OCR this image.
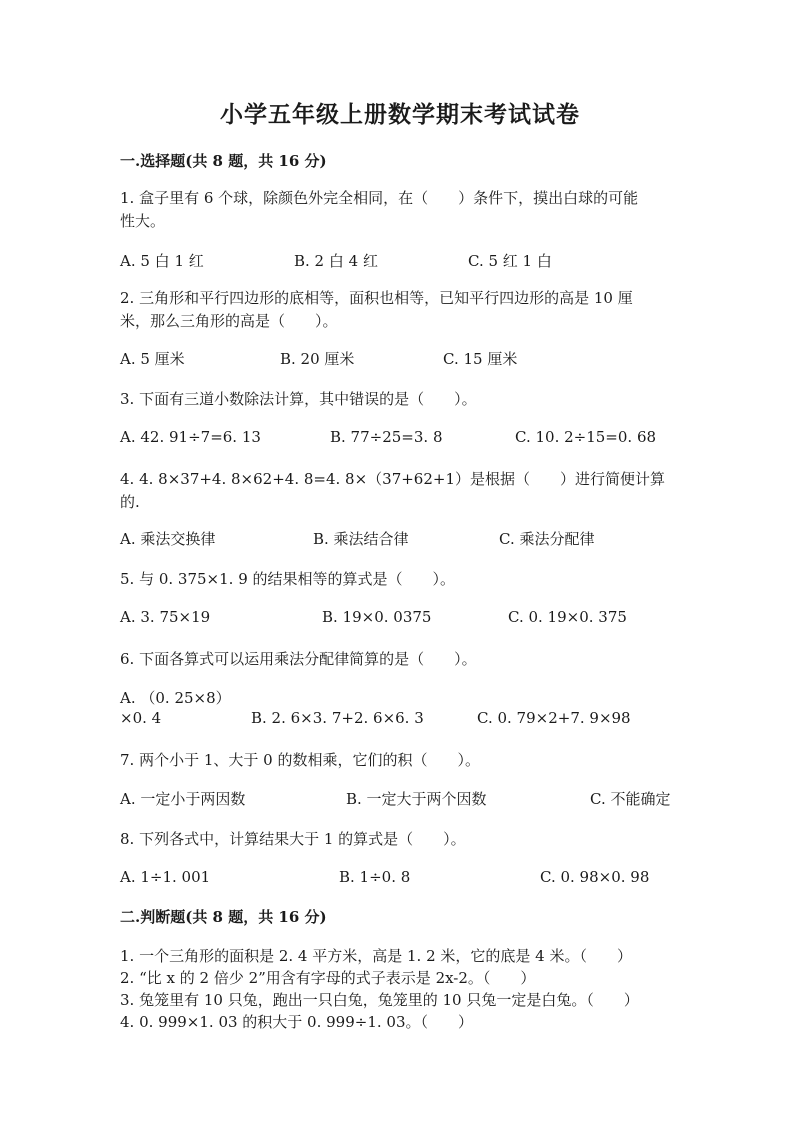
小学五年级上册数学期末考试试卷
一.选择题(共 8 题，共 16 分)
1. 盒子里有 6 个球，除颜色外完全相同，在（　　）条件下，摸出白球的可能
性大。
A. 5 白 1 红	B. 2 白 4 红	C. 5 红 1 白
2. 三角形和平行四边形的底相等，面积也相等，已知平行四边形的高是 10 厘
米，那么三角形的高是（　　）。
A. 5 厘米	B. 20 厘米	C. 15 厘米
3. 下面有三道小数除法计算，其中错误的是（　　）。
A. 42. 91÷7=6. 13	B. 77÷25=3. 8	C. 10. 2÷15=0. 68
4. 4. 8×37+4. 8×62+4. 8=4. 8×（37+62+1）是根据（　　）进行简便计算
的.
A. 乘法交换律	B. 乘法结合律	C. 乘法分配律
5. 与 0. 375×1. 9 的结果相等的算式是（　　）。
A. 3. 75×19	B. 19×0. 0375	C. 0. 19×0. 375
6. 下面各算式可以运用乘法分配律简算的是（　　）。
A. （0. 25×8）
×0. 4	B. 2. 6×3. 7+2. 6×6. 3	C. 0. 79×2+7. 9×98
7. 两个小于 1、大于 0 的数相乘，它们的积（　　）。
A. 一定小于两因数	B. 一定大于两个因数	C. 不能确定
8. 下列各式中，计算结果大于 1 的算式是（　　）。
A. 1÷1. 001	B. 1÷0. 8	C. 0. 98×0. 98
二.判断题(共 8 题，共 16 分)
1. 一个三角形的面积是 2. 4 平方米，高是 1. 2 米，它的底是 4 米。（　　）
2. “比 x 的 2 倍少 2”用含有字母的式子表示是 2x-2。（　　）
3. 兔笼里有 10 只兔，跑出一只白兔，兔笼里的 10 只兔一定是白兔。（　　）
4. 0. 999×1. 03 的积大于 0. 999÷1. 03。（　　）
